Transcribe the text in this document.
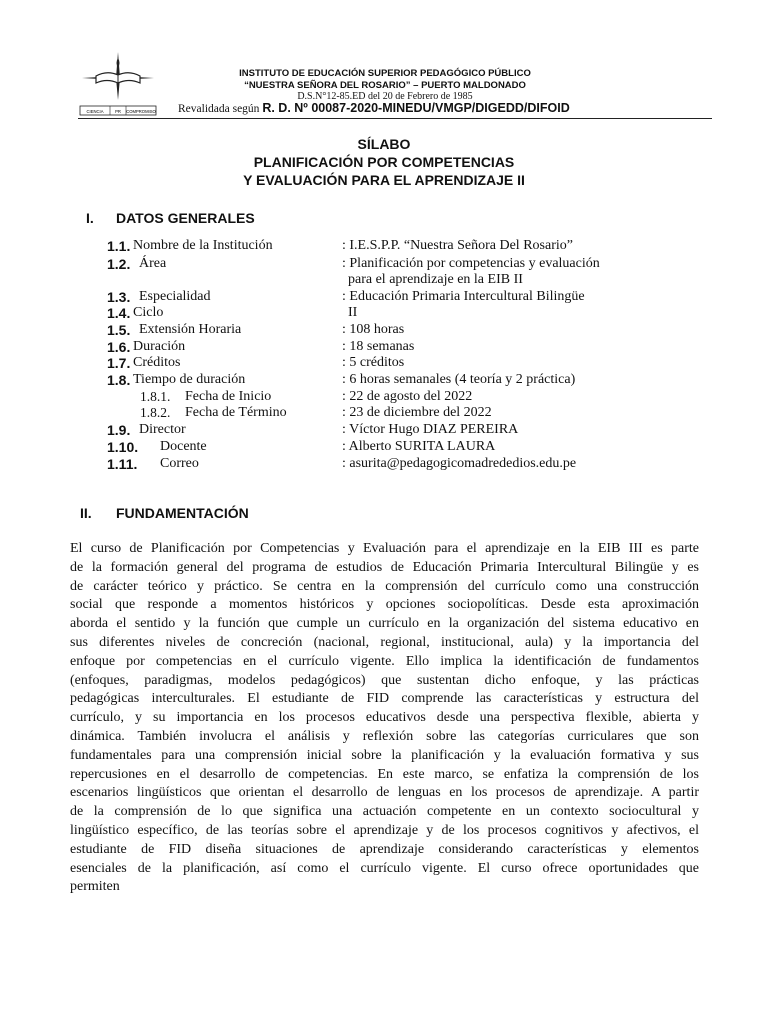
CIENCIA	PR COMPROMISO
INSTITUTO DE EDUCACIÓN SUPERIOR PEDAGÓGICO PÚBLICO
“NUESTRA SEÑORA DEL ROSARIO” – PUERTO MALDONADO
D.S.N°12-85.ED del 20 de Febrero de 1985
Revalidada según R. D. Nº 00087-2020-MINEDU/VMGP/DIGEDD/DIFOID
SÍLABO
PLANIFICACIÓN POR COMPETENCIAS
Y EVALUACIÓN PARA EL APRENDIZAJE II
I. DATOS GENERALES
1.1. Nombre de la Institución	: I.E.S.P.P. “Nuestra Señora Del Rosario”
1.2. Área	: Planificación por competencias y evaluación
para el aprendizaje en la EIB II
1.3. Especialidad	: Educación Primaria Intercultural Bilingüe
1.4. Ciclo	II
1.5. Extensión Horaria	: 108 horas
1.6. Duración	: 18 semanas
1.7. Créditos	: 5 créditos
1.8. Tiempo de duración	: 6 horas semanales (4 teoría y 2 práctica)
1.8.1. Fecha de Inicio	: 22 de agosto del 2022
1.8.2. Fecha de Término	: 23 de diciembre del 2022
1.9. Director	: Víctor Hugo DIAZ PEREIRA
1.10. Docente	: Alberto SURITA LAURA
1.11. Correo	: asurita@pedagogicomadrededios.edu.pe
II. FUNDAMENTACIÓN
El curso de Planificación por Competencias y Evaluación para el aprendizaje en la EIB III es parte
de la formación general del programa de estudios de Educación Primaria Intercultural Bilingüe y es
de carácter teórico y práctico. Se centra en la comprensión del currículo como una construcción
social que responde a momentos históricos y opciones sociopolíticas. Desde esta aproximación
aborda el sentido y la función que cumple un currículo en la organización del sistema educativo en
sus diferentes niveles de concreción (nacional, regional, institucional, aula) y la importancia del
enfoque por competencias en el currículo vigente. Ello implica la identificación de fundamentos
(enfoques, paradigmas, modelos pedagógicos) que sustentan dicho enfoque, y las prácticas
pedagógicas interculturales. El estudiante de FID comprende las características y estructura del
currículo, y su importancia en los procesos educativos desde una perspectiva flexible, abierta y
dinámica. También involucra el análisis y reflexión sobre las categorías curriculares que son
fundamentales para una comprensión inicial sobre la planificación y la evaluación formativa y sus
repercusiones en el desarrollo de competencias. En este marco, se enfatiza la comprensión de los
escenarios lingüísticos que orientan el desarrollo de lenguas en los procesos de aprendizaje. A partir
de la comprensión de lo que significa una actuación competente en un contexto sociocultural y
lingüístico específico, de las teorías sobre el aprendizaje y de los procesos cognitivos y afectivos, el
estudiante de FID diseña situaciones de aprendizaje considerando características y elementos
esenciales de la planificación, así como el currículo vigente. El curso ofrece oportunidades que
permiten
